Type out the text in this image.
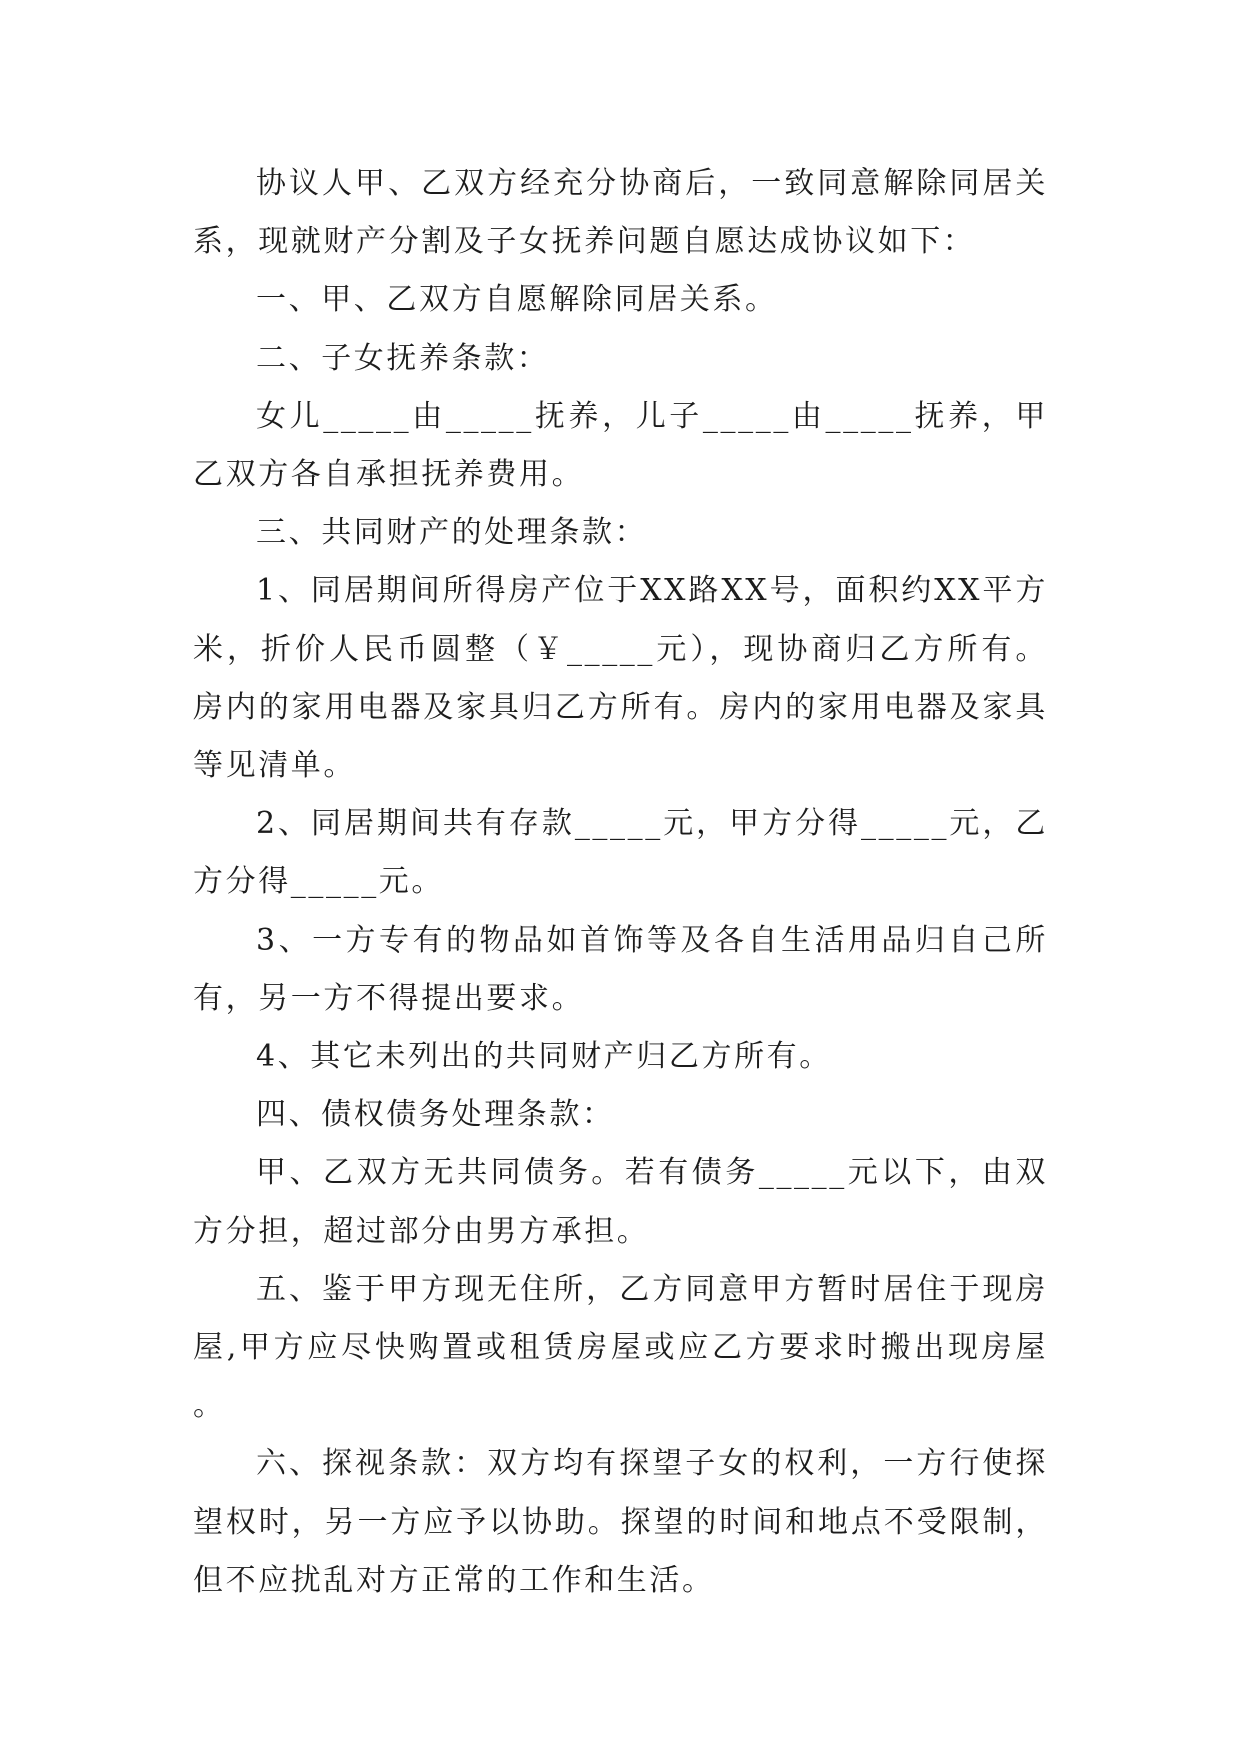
协议人甲、乙双方经充分协商后，一致同意解除同居关系，现就财产分割及子女抚养问题自愿达成协议如下：

一、甲、乙双方自愿解除同居关系。

二、子女抚养条款：

女儿_____由_____抚养，儿子_____由_____抚养，甲乙双方各自承担抚养费用。

三、共同财产的处理条款：

1、同居期间所得房产位于XX路XX号，面积约XX平方米，折价人民币圆整（￥_____元），现协商归乙方所有。房内的家用电器及家具归乙方所有。房内的家用电器及家具等见清单。

2、同居期间共有存款_____元，甲方分得_____元，乙方分得_____元。

3、一方专有的物品如首饰等及各自生活用品归自己所有，另一方不得提出要求。

4、其它未列出的共同财产归乙方所有。

四、债权债务处理条款：

甲、乙双方无共同债务。若有债务_____元以下，由双方分担，超过部分由男方承担。

五、鉴于甲方现无住所，乙方同意甲方暂时居住于现房屋,甲方应尽快购置或租赁房屋或应乙方要求时搬出现房屋。

六、探视条款：双方均有探望子女的权利，一方行使探望权时，另一方应予以协助。探望的时间和地点不受限制，但不应扰乱对方正常的工作和生活。
